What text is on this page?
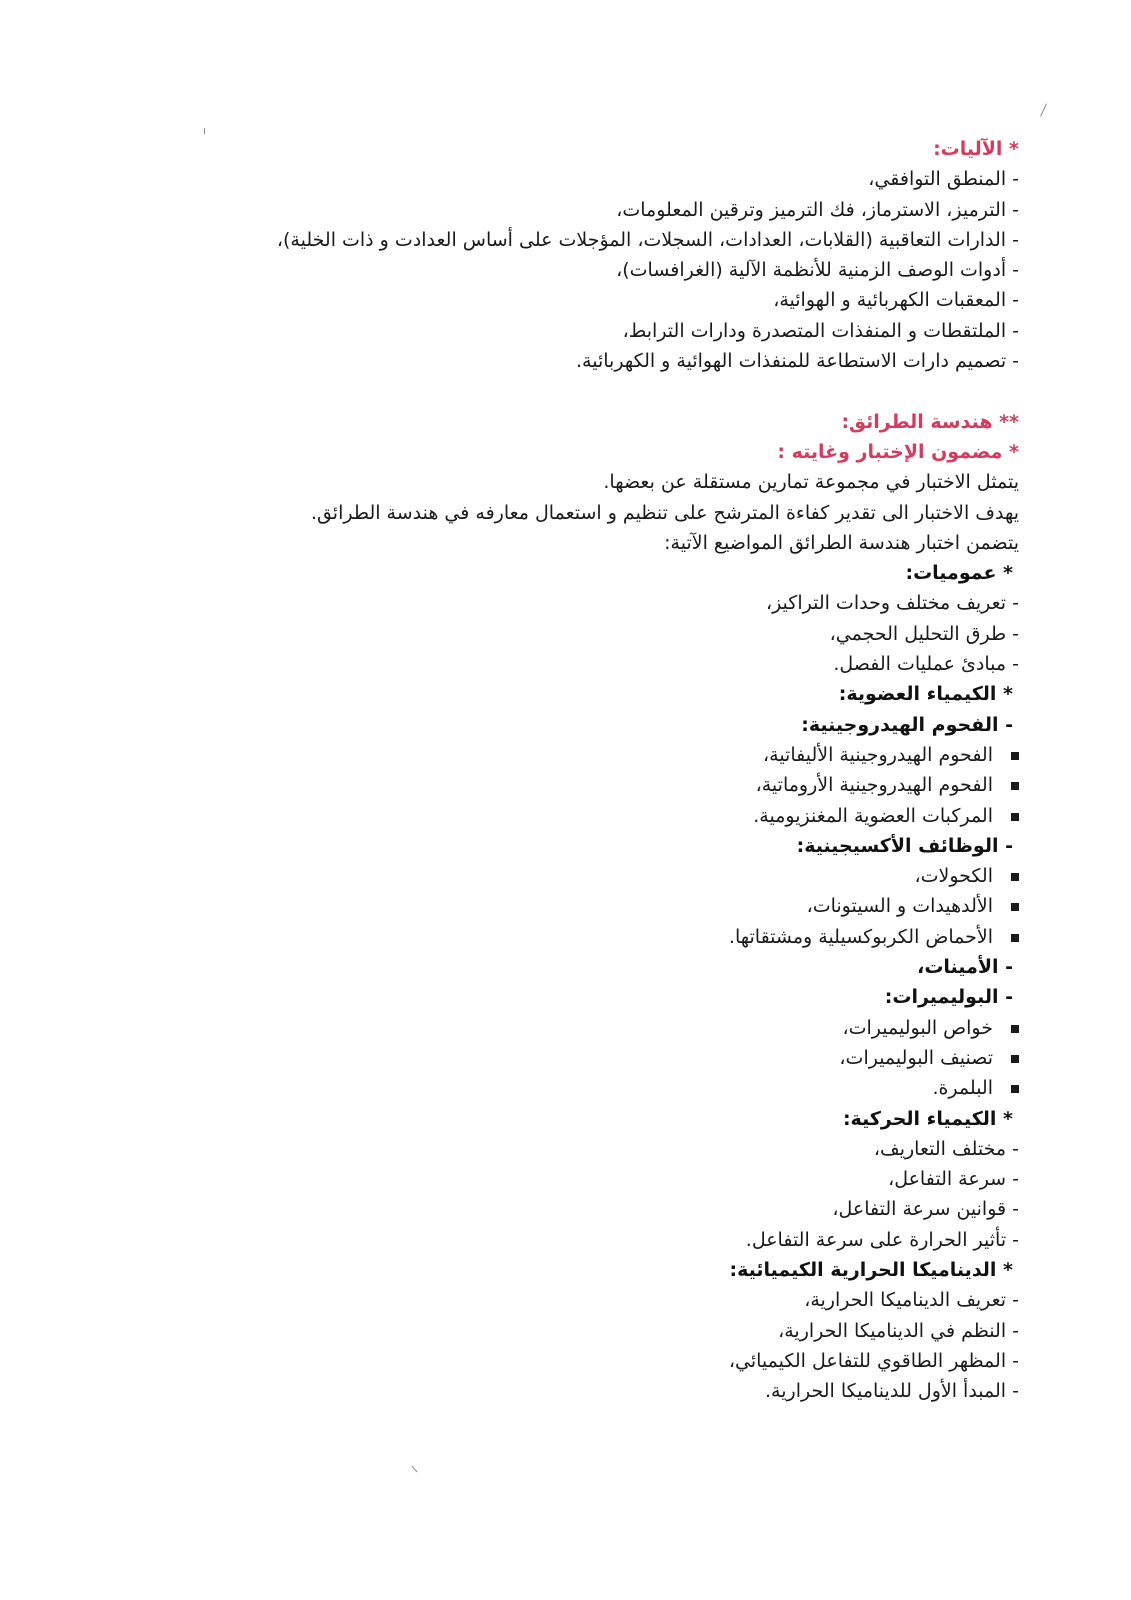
* الآليات:
- المنطق التوافقي،
- الترميز، الاسترماز، فك الترميز وترقين المعلومات،
- الدارات التعاقبية (القلابات، العدادات، السجلات، المؤجلات على أساس العدادت و ذات الخلية)،
- أدوات الوصف الزمنية للأنظمة الآلية (الغرافسات)،
- المعقبات الكهربائية و الهوائية،
- الملتقطات و المنفذات المتصدرة ودارات الترابط،
- تصميم دارات الاستطاعة للمنفذات الهوائية و الكهربائية.
** هندسة الطرائق:
* مضمون الإختبار وغايته :
يتمثل الاختبار في مجموعة تمارين مستقلة عن بعضها.
يهدف الاختبار الى تقدير كفاءة المترشح على تنظيم و استعمال معارفه في هندسة الطرائق.
يتضمن اختبار هندسة الطرائق المواضيع الآتية:
* عموميات:
- تعريف مختلف وحدات التراكيز،
- طرق التحليل الحجمي،
- مبادئ عمليات الفصل.
* الكيمياء العضوية:
- الفحوم الهيدروجينية:
الفحوم الهيدروجينية الأليفاتية،
الفحوم الهيدروجينية الأروماتية،
المركبات العضوية المغنزيومية.
- الوظائف الأكسيجينية:
الكحولات،
الألدهيدات و السيتونات،
الأحماض الكربوكسيلية ومشتقاتها.
- الأمينات،
- البوليميرات:
خواص البوليميرات،
تصنيف البوليميرات،
البلمرة.
* الكيمياء الحركية:
- مختلف التعاريف،
- سرعة التفاعل،
- قوانين سرعة التفاعل،
- تأثير الحرارة على سرعة التفاعل.
* الديناميكا الحرارية الكيميائية:
- تعريف الديناميكا الحرارية،
- النظم في الديناميكا الحرارية،
- المظهر الطاقوي للتفاعل الكيميائي،
- المبدأ الأول للديناميكا الحرارية.
